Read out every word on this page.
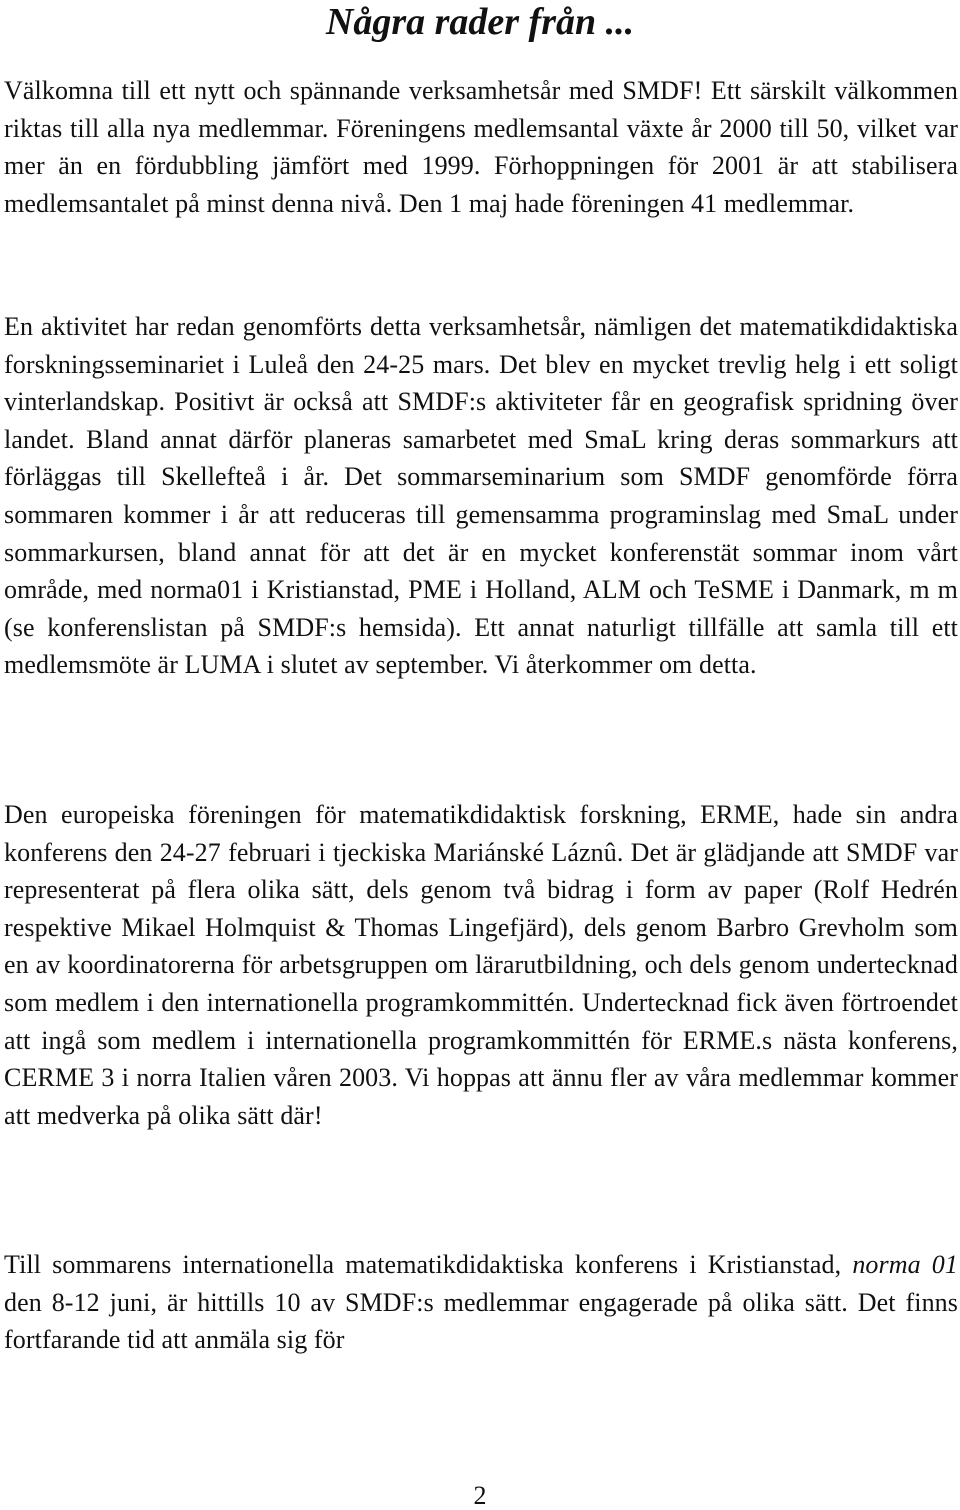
Några rader från ...

Välkomna till ett nytt och spännande verksamhetsår med SMDF! Ett särskilt välkommen riktas till alla nya medlemmar. Föreningens medlemsantal växte år 2000 till 50, vilket var mer än en fördubbling jämfört med 1999. Förhoppningen för 2001 är att stabilisera medlemsantalet på minst denna nivå. Den 1 maj hade föreningen 41 medlemmar.

En aktivitet har redan genomförts detta verksamhetsår, nämligen det matematikdidaktiska forskningsseminariet i Luleå den 24-25 mars. Det blev en mycket trevlig helg i ett soligt vinterlandskap. Positivt är också att SMDF:s aktiviteter får en geografisk spridning över landet. Bland annat därför planeras samarbetet med SmaL kring deras sommarkurs att förläggas till Skellefteå i år. Det sommarseminarium som SMDF genomförde förra sommaren kommer i år att reduceras till gemensamma programinslag med SmaL under sommarkursen, bland annat för att det är en mycket konferenstät sommar inom vårt område, med norma01 i Kristianstad, PME i Holland, ALM och TeSME i Danmark, m m (se konferenslistan på SMDF:s hemsida). Ett annat naturligt tillfälle att samla till ett medlemsmöte är LUMA i slutet av september. Vi återkommer om detta.

Den europeiska föreningen för matematikdidaktisk forskning, ERME, hade sin andra konferens den 24-27 februari i tjeckiska Mariánské Láznû. Det är glädjande att SMDF var representerat på flera olika sätt, dels genom två bidrag i form av paper (Rolf Hedrén respektive Mikael Holmquist & Thomas Lingefjärd), dels genom Barbro Grevholm som en av koordinatorerna för arbetsgruppen om lärarutbildning, och dels genom undertecknad som medlem i den internationella programkommittén. Undertecknad fick även förtroendet att ingå som medlem i internationella programkommittén för ERME.s nästa konferens, CERME 3 i norra Italien våren 2003. Vi hoppas att ännu fler av våra medlemmar kommer att medverka på olika sätt där!

Till sommarens internationella matematikdidaktiska konferens i Kristianstad, norma 01 den 8-12 juni, är hittills 10 av SMDF:s medlemmar engagerade på olika sätt. Det finns fortfarande tid att anmäla sig för

2
